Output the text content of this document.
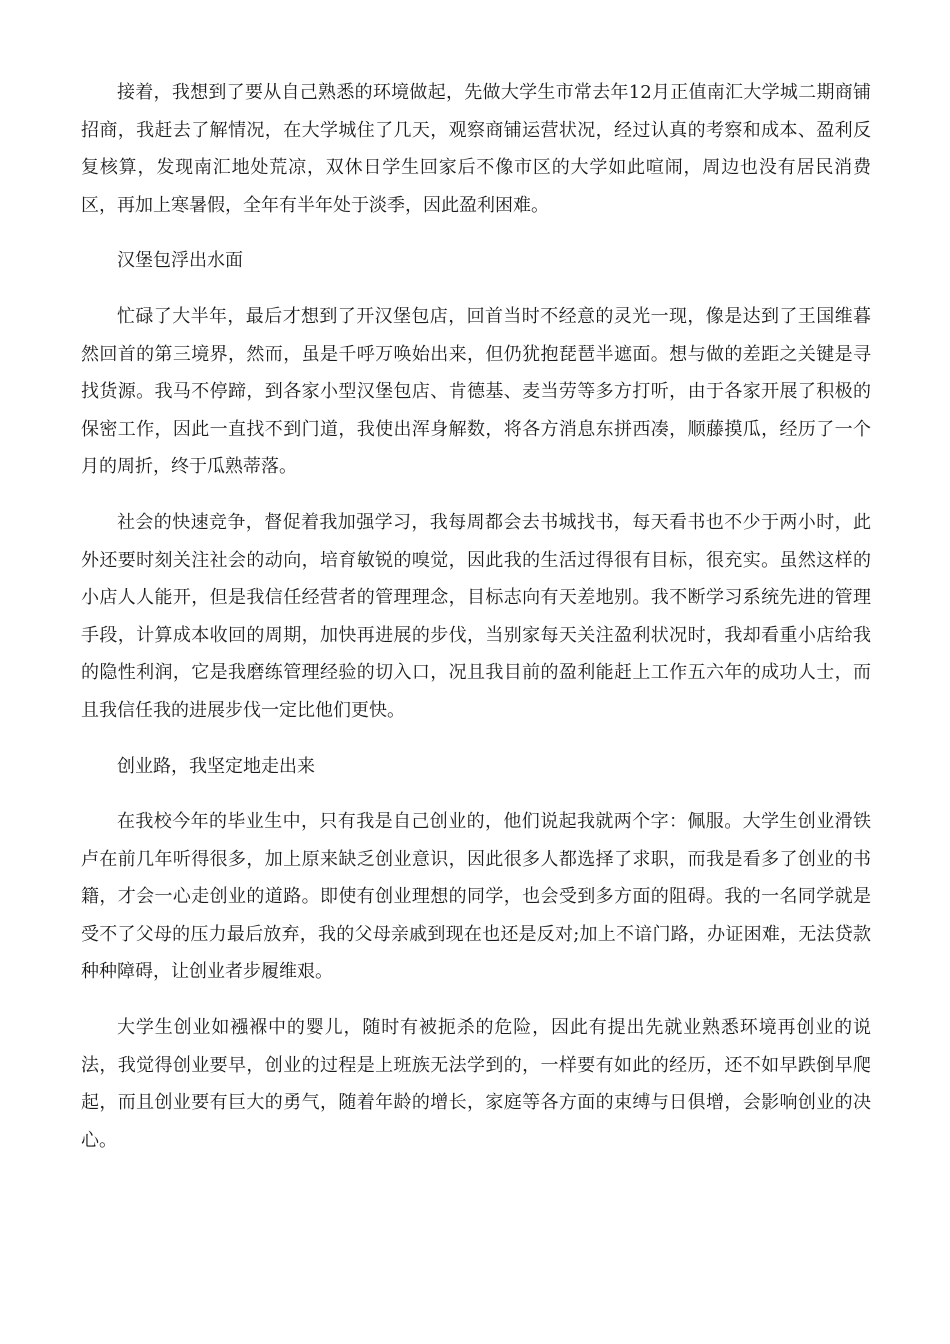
接着，我想到了要从自己熟悉的环境做起，先做大学生市常去年12月正值南汇大学城二期商铺招商，我赶去了解情况，在大学城住了几天，观察商铺运营状况，经过认真的考察和成本、盈利反复核算，发现南汇地处荒凉，双休日学生回家后不像市区的大学如此喧闹，周边也没有居民消费区，再加上寒暑假，全年有半年处于淡季，因此盈利困难。

汉堡包浮出水面

忙碌了大半年，最后才想到了开汉堡包店，回首当时不经意的灵光一现，像是达到了王国维暮然回首的第三境界，然而，虽是千呼万唤始出来，但仍犹抱琵琶半遮面。想与做的差距之关键是寻找货源。我马不停蹄，到各家小型汉堡包店、肯德基、麦当劳等多方打听，由于各家开展了积极的保密工作，因此一直找不到门道，我使出浑身解数，将各方消息东拼西凑，顺藤摸瓜，经历了一个月的周折，终于瓜熟蒂落。

社会的快速竞争，督促着我加强学习，我每周都会去书城找书，每天看书也不少于两小时，此外还要时刻关注社会的动向，培育敏锐的嗅觉，因此我的生活过得很有目标，很充实。虽然这样的小店人人能开，但是我信任经营者的管理理念，目标志向有天差地别。我不断学习系统先进的管理手段，计算成本收回的周期，加快再进展的步伐，当别家每天关注盈利状况时，我却看重小店给我的隐性利润，它是我磨练管理经验的切入口，况且我目前的盈利能赶上工作五六年的成功人士，而且我信任我的进展步伐一定比他们更快。

创业路，我坚定地走出来

在我校今年的毕业生中，只有我是自己创业的，他们说起我就两个字：佩服。大学生创业滑铁卢在前几年听得很多，加上原来缺乏创业意识，因此很多人都选择了求职，而我是看多了创业的书籍，才会一心走创业的道路。即使有创业理想的同学，也会受到多方面的阻碍。我的一名同学就是受不了父母的压力最后放弃，我的父母亲戚到现在也还是反对;加上不谙门路，办证困难，无法贷款种种障碍，让创业者步履维艰。

大学生创业如襁褓中的婴儿，随时有被扼杀的危险，因此有提出先就业熟悉环境再创业的说法，我觉得创业要早，创业的过程是上班族无法学到的，一样要有如此的经历，还不如早跌倒早爬起，而且创业要有巨大的勇气，随着年龄的增长，家庭等各方面的束缚与日俱增，会影响创业的决心。
